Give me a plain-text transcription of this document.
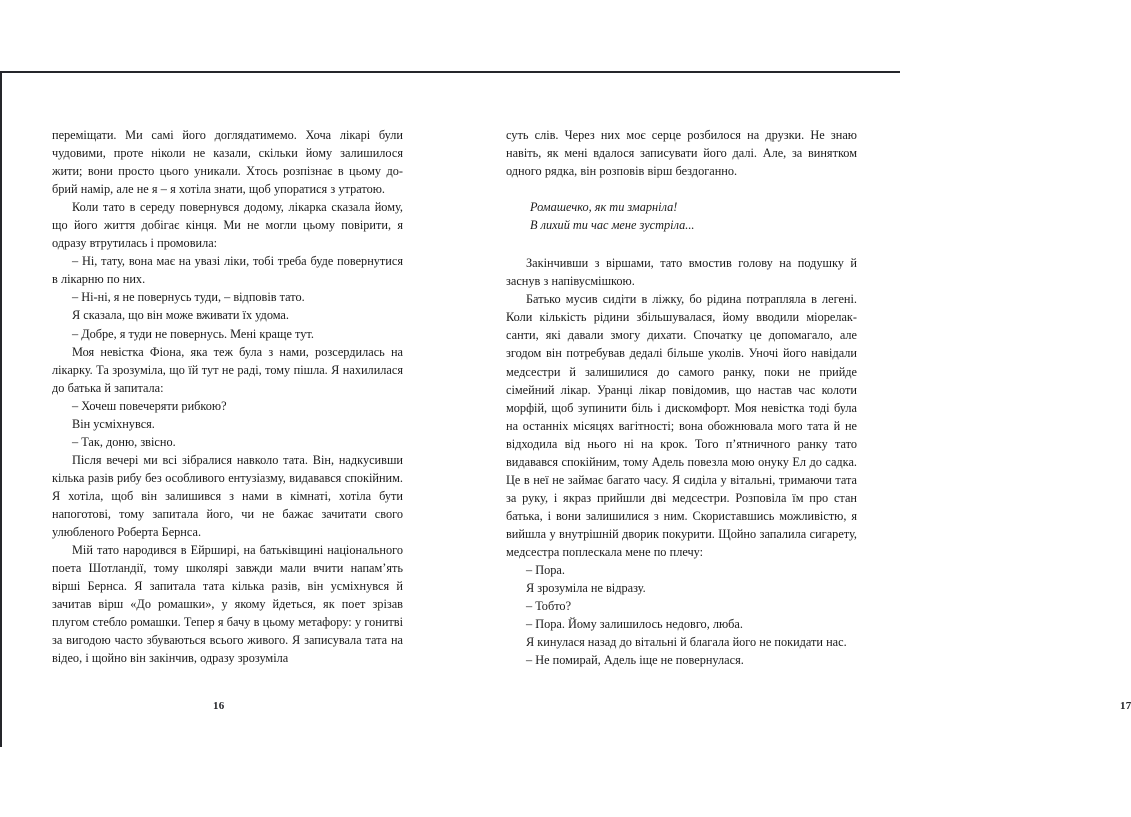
переміщати. Ми самі його доглядатимемо. Хоча лікарі були чудовими, проте ніколи не казали, скільки йому залишилося жити; вони просто цього уникали. Хтось розпізнає в цьому добрий намір, але не я – я хотіла знати, щоб упоратися з утратою.

Коли тато в середу повернувся додому, лікарка сказала йому, що його життя добігає кінця. Ми не могли цьому повірити, я одразу втрутилась і промовила:

– Ні, тату, вона має на увазі ліки, тобі треба буде повернутися в лікарню по них.

– Ні-ні, я не повернусь туди, – відповів тато.

Я сказала, що він може вживати їх удома.

– Добре, я туди не повернусь. Мені краще тут.

Моя невістка Фіона, яка теж була з нами, розсердилась на лікарку. Та зрозуміла, що їй тут не раді, тому пішла. Я нахилилася до батька й запитала:

– Хочеш повечеряти рибкою?

Він усміхнувся.

– Так, доню, звісно.

Після вечері ми всі зібралися навколо тата. Він, надкусивши кілька разів рибу без особливого ентузіазму, видавався спокійним. Я хотіла, щоб він залишився з нами в кімнаті, хотіла бути напоготові, тому запитала його, чи не бажає зачитати свого улюбленого Роберта Бернса.

Мій тато народився в Ейрширі, на батьківщині національного поета Шотландії, тому школярі завжди мали вчити напам’ять вірші Бернса. Я запитала тата кілька разів, він усміхнувся й зачитав вірш «До ромашки», у якому йдеться, як поет зрізав плугом стебло ромашки. Тепер я бачу в цьому метафору: у гонитві за вигодою часто збуваються всього живого. Я записувала тата на відео, і щойно він закінчив, одразу зрозуміла

16

суть слів. Через них моє серце розбилося на друзки. Не знаю навіть, як мені вдалося записувати його далі. Але, за винятком одного рядка, він розповів вірш бездоганно.

Ромашечко, як ти змарніла!

В лихий ти час мене зустріла...

Закінчивши з віршами, тато вмостив голову на подушку й заснув з напівусмішкою.

Батько мусив сидіти в ліжку, бо рідина потрапляла в легені. Коли кількість рідини збільшувалася, йому вводили міорелаксанти, які давали змогу дихати. Спочатку це допомагало, але згодом він потребував дедалі більше уколів. Уночі його навідали медсестри й залишилися до самого ранку, поки не прийде сімейний лікар. Уранці лікар повідомив, що настав час колоти морфій, щоб зупинити біль і дискомфорт. Моя невістка тоді була на останніх місяцях вагітності; вона обожнювала мого тата й не відходила від нього ні на крок. Того п’ятничного ранку тато видавався спокійним, тому Адель повезла мою онуку Ел до садка. Це в неї не займає багато часу. Я сиділа у вітальні, тримаючи тата за руку, і якраз прийшли дві медсестри. Розповіла їм про стан батька, і вони залишилися з ним. Скориставшись можливістю, я вийшла у внутрішній дворик покурити. Щойно запалила сигарету, медсестра поплескала мене по плечу:

– Пора.

Я зрозуміла не відразу.

– Тобто?

– Пора. Йому залишилось недовго, люба.

Я кинулася назад до вітальні й благала його не покидати нас.

– Не помирай, Адель іще не повернулася.

17
